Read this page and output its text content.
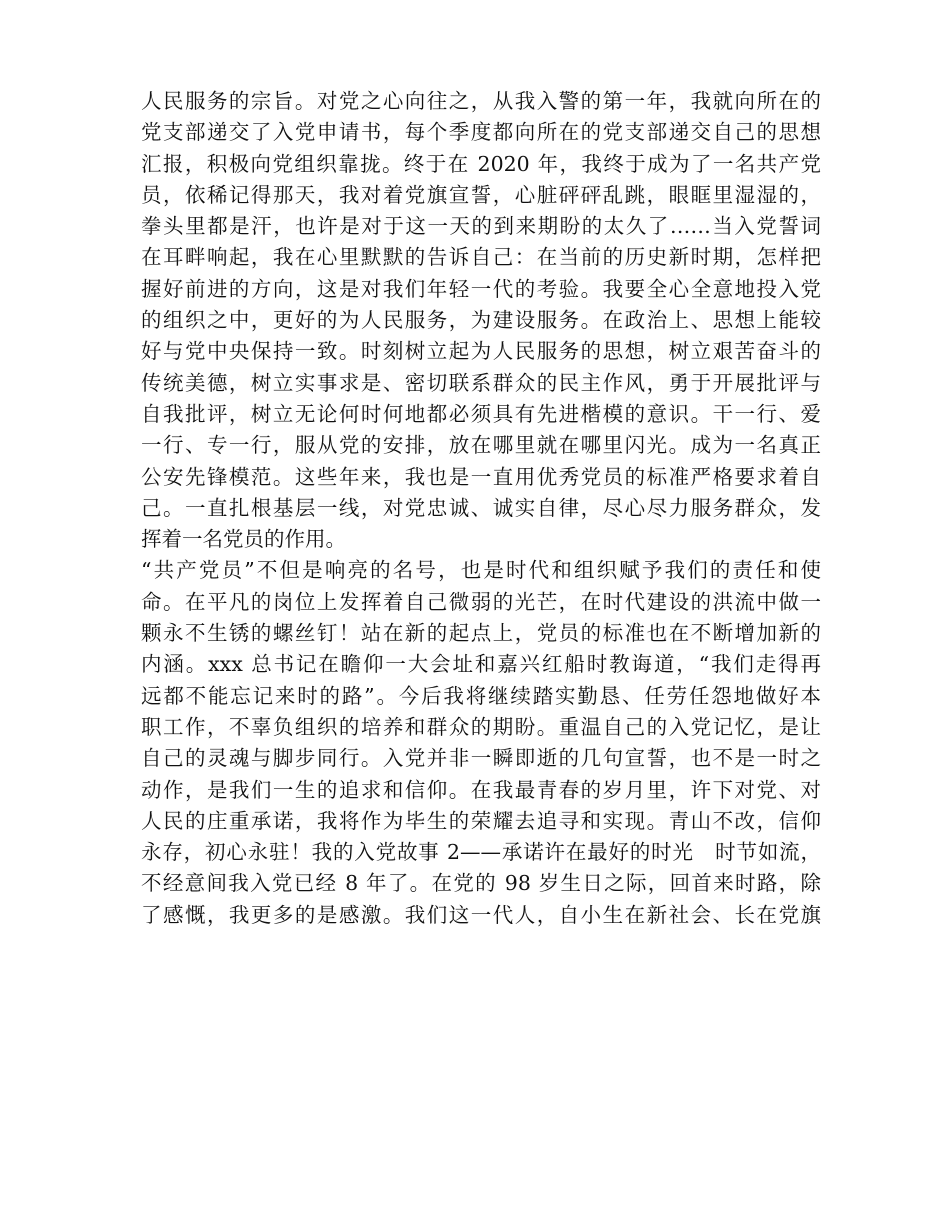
人民服务的宗旨。对党之心向往之，从我入警的第一年，我就向所在的
党支部递交了入党申请书，每个季度都向所在的党支部递交自己的思想
汇报，积极向党组织靠拢。终于在 2020 年，我终于成为了一名共产党
员，依稀记得那天，我对着党旗宣誓，心脏砰砰乱跳，眼眶里湿湿的，
拳头里都是汗，也许是对于这一天的到来期盼的太久了……当入党誓词
在耳畔响起，我在心里默默的告诉自己：在当前的历史新时期，怎样把
握好前进的方向，这是对我们年轻一代的考验。我要全心全意地投入党
的组织之中，更好的为人民服务，为建设服务。在政治上、思想上能较
好与党中央保持一致。时刻树立起为人民服务的思想，树立艰苦奋斗的
传统美德，树立实事求是、密切联系群众的民主作风，勇于开展批评与
自我批评，树立无论何时何地都必须具有先进楷模的意识。干一行、爱
一行、专一行，服从党的安排，放在哪里就在哪里闪光。成为一名真正
公安先锋模范。这些年来，我也是一直用优秀党员的标准严格要求着自
己。一直扎根基层一线，对党忠诚、诚实自律，尽心尽力服务群众，发
挥着一名党员的作用。
“共产党员”不但是响亮的名号，也是时代和组织赋予我们的责任和使
命。在平凡的岗位上发挥着自己微弱的光芒，在时代建设的洪流中做一
颗永不生锈的螺丝钉！站在新的起点上，党员的标准也在不断增加新的
内涵。xxx 总书记在瞻仰一大会址和嘉兴红船时教诲道，“我们走得再
远都不能忘记来时的路”。今后我将继续踏实勤恳、任劳任怨地做好本
职工作，不辜负组织的培养和群众的期盼。重温自己的入党记忆，是让
自己的灵魂与脚步同行。入党并非一瞬即逝的几句宣誓，也不是一时之
动作，是我们一生的追求和信仰。在我最青春的岁月里，许下对党、对
人民的庄重承诺，我将作为毕生的荣耀去追寻和实现。青山不改，信仰
永存，初心永驻！我的入党故事 2——承诺许在最好的时光　时节如流，
不经意间我入党已经 8 年了。在党的 98 岁生日之际，回首来时路，除
了感慨，我更多的是感激。我们这一代人，自小生在新社会、长在党旗
